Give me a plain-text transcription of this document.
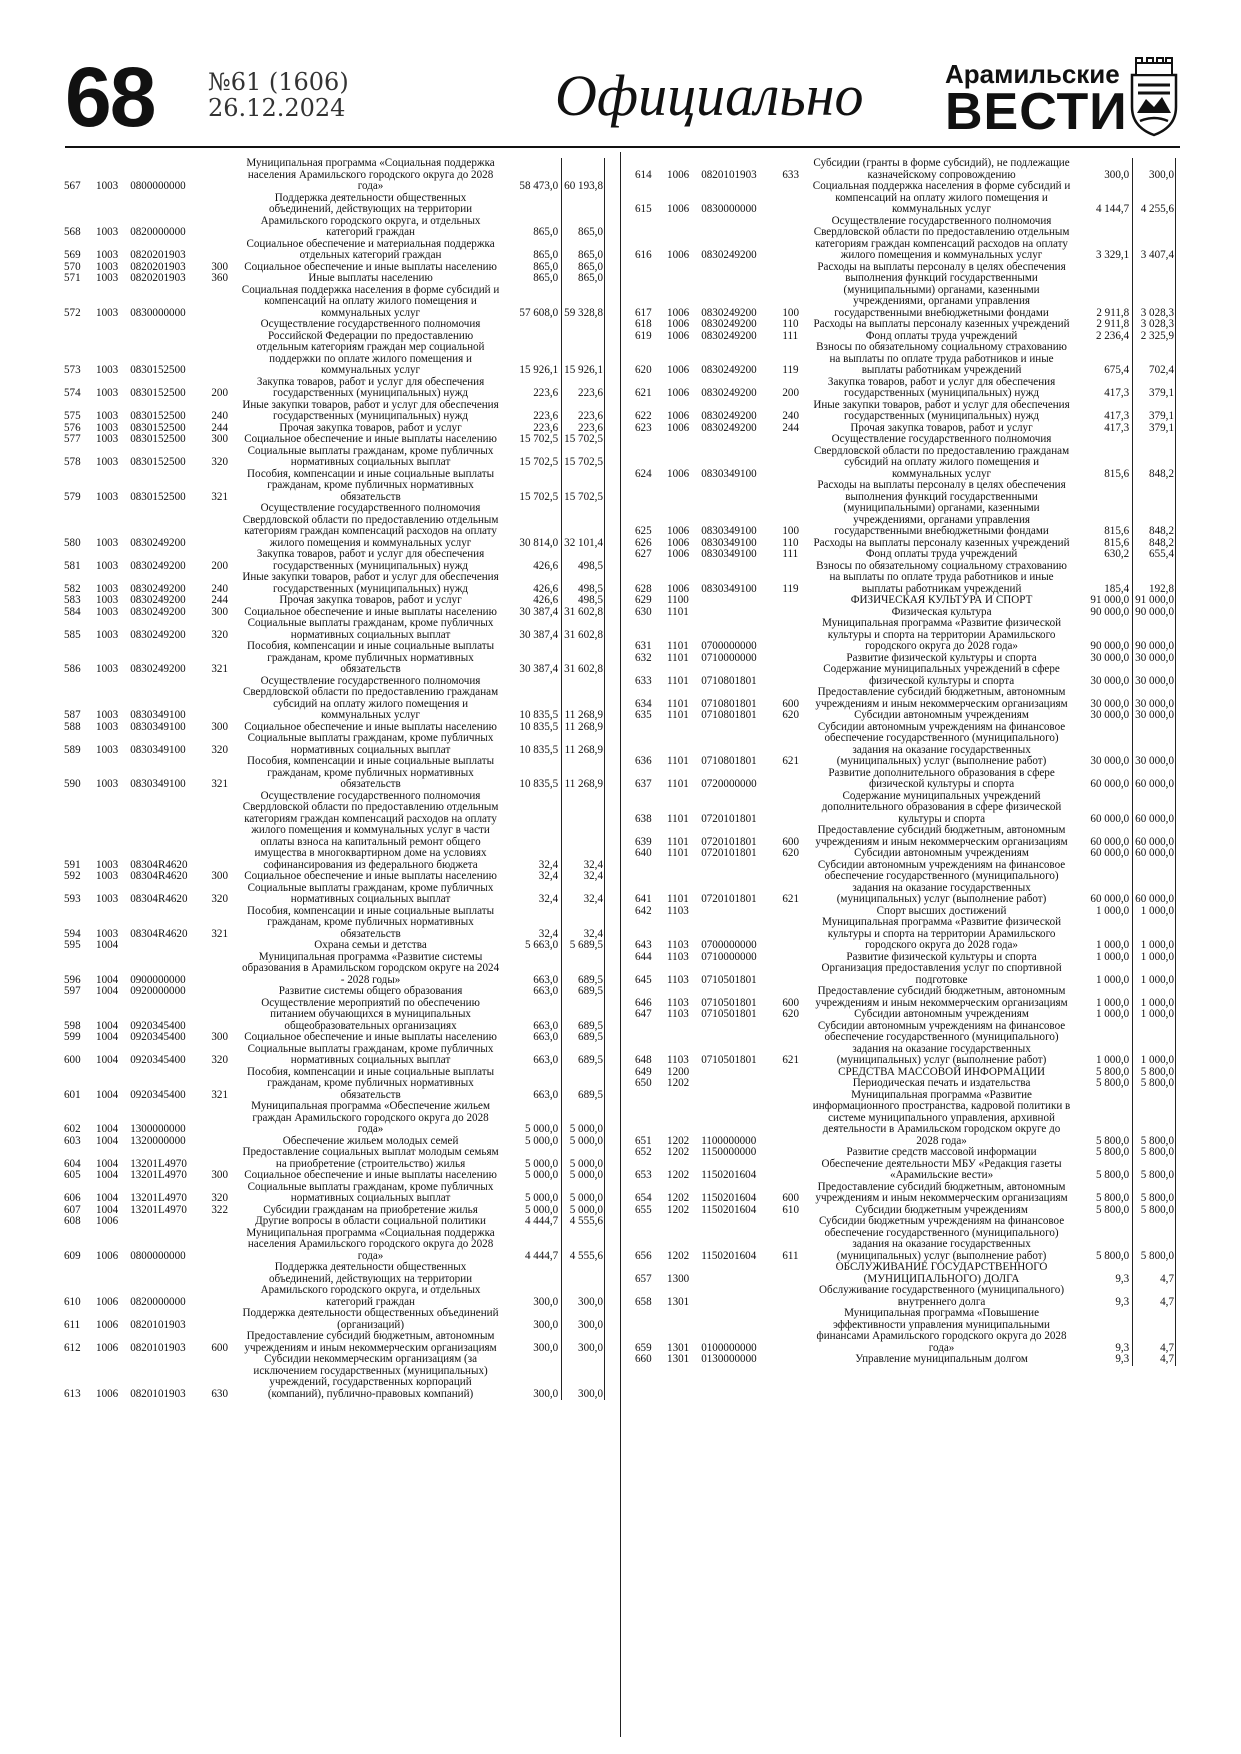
68 №61 (1606)
26.12.2024	Официально	Арамильские
ВЕСТИ
567	1003	0800000000		Муниципальная программа «Социальная поддержка населения Арамильского городского округа до 2028 года»	58 473,0	60 193,8
568	1003	0820000000		Поддержка деятельности общественных объединений, действующих на территории Арамильского городского округа, и отдельных категорий граждан	865,0	865,0
569	1003	0820201903		Социальное обеспечение и материальная поддержка отдельных категорий граждан	865,0	865,0
570	1003	0820201903	300	Социальное обеспечение и иные выплаты населению	865,0	865,0
571	1003	0820201903	360	Иные выплаты населению	865,0	865,0
572	1003	0830000000		Социальная поддержка населения в форме субсидий и компенсаций на оплату жилого помещения и коммунальных услуг	57 608,0	59 328,8
573	1003	0830152500		Осуществление государственного полномочия Российской Федерации по предоставлению отдельным категориям граждан мер социальной поддержки по оплате жилого помещения и коммунальных услуг	15 926,1	15 926,1
574	1003	0830152500	200	Закупка товаров, работ и услуг для обеспечения государственных (муниципальных) нужд	223,6	223,6
575	1003	0830152500	240	Иные закупки товаров, работ и услуг для обеспечения государственных (муниципальных) нужд	223,6	223,6
576	1003	0830152500	244	Прочая закупка товаров, работ и услуг	223,6	223,6
577	1003	0830152500	300	Социальное обеспечение и иные выплаты населению	15 702,5	15 702,5
578	1003	0830152500	320	Социальные выплаты гражданам, кроме публичных нормативных социальных выплат	15 702,5	15 702,5
579	1003	0830152500	321	Пособия, компенсации и иные социальные выплаты гражданам, кроме публичных нормативных обязательств	15 702,5	15 702,5
580	1003	0830249200		Осуществление государственного полномочия Свердловской области по предоставлению отдельным категориям граждан компенсаций расходов на оплату жилого помещения и коммунальных услуг	30 814,0	32 101,4
581	1003	0830249200	200	Закупка товаров, работ и услуг для обеспечения государственных (муниципальных) нужд	426,6	498,5
582	1003	0830249200	240	Иные закупки товаров, работ и услуг для обеспечения государственных (муниципальных) нужд	426,6	498,5
583	1003	0830249200	244	Прочая закупка товаров, работ и услуг	426,6	498,5
584	1003	0830249200	300	Социальное обеспечение и иные выплаты населению	30 387,4	31 602,8
585	1003	0830249200	320	Социальные выплаты гражданам, кроме публичных нормативных социальных выплат	30 387,4	31 602,8
586	1003	0830249200	321	Пособия, компенсации и иные социальные выплаты гражданам, кроме публичных нормативных обязательств	30 387,4	31 602,8
587	1003	0830349100		Осуществление государственного полномочия Свердловской области по предоставлению гражданам субсидий на оплату жилого помещения и коммунальных услуг	10 835,5	11 268,9
588	1003	0830349100	300	Социальное обеспечение и иные выплаты населению	10 835,5	11 268,9
589	1003	0830349100	320	Социальные выплаты гражданам, кроме публичных нормативных социальных выплат	10 835,5	11 268,9
590	1003	0830349100	321	Пособия, компенсации и иные социальные выплаты гражданам, кроме публичных нормативных обязательств	10 835,5	11 268,9
591	1003	08304R4620		Осуществление государственного полномочия Свердловской области по предоставлению отдельным категориям граждан компенсаций расходов на оплату жилого помещения и коммунальных услуг в части оплаты взноса на капитальный ремонт общего имущества в многоквартирном доме на условиях софинансирования из федерального бюджета	32,4	32,4
592	1003	08304R4620	300	Социальное обеспечение и иные выплаты населению	32,4	32,4
593	1003	08304R4620	320	Социальные выплаты гражданам, кроме публичных нормативных социальных выплат	32,4	32,4
594	1003	08304R4620	321	Пособия, компенсации и иные социальные выплаты гражданам, кроме публичных нормативных обязательств	32,4	32,4
595	1004			Охрана семьи и детства	5 663,0	5 689,5
596	1004	0900000000		Муниципальная программа «Развитие системы образования в Арамильском городском округе на 2024 - 2028 годы»	663,0	689,5
597	1004	0920000000		Развитие системы общего образования	663,0	689,5
598	1004	0920345400		Осуществление мероприятий по обеспечению питанием обучающихся в муниципальных общеобразовательных организациях	663,0	689,5
599	1004	0920345400	300	Социальное обеспечение и иные выплаты населению	663,0	689,5
600	1004	0920345400	320	Социальные выплаты гражданам, кроме публичных нормативных социальных выплат	663,0	689,5
601	1004	0920345400	321	Пособия, компенсации и иные социальные выплаты гражданам, кроме публичных нормативных обязательств	663,0	689,5
602	1004	1300000000		Муниципальная программа «Обеспечение жильем граждан Арамильского городского округа до 2028 года»	5 000,0	5 000,0
603	1004	1320000000		Обеспечение жильем молодых семей	5 000,0	5 000,0
604	1004	13201L4970		Предоставление социальных выплат молодым семьям на приобретение (строительство) жилья	5 000,0	5 000,0
605	1004	13201L4970	300	Социальное обеспечение и иные выплаты населению	5 000,0	5 000,0
606	1004	13201L4970	320	Социальные выплаты гражданам, кроме публичных нормативных социальных выплат	5 000,0	5 000,0
607	1004	13201L4970	322	Субсидии гражданам на приобретение жилья	5 000,0	5 000,0
608	1006			Другие вопросы в области социальной политики	4 444,7	4 555,6
609	1006	0800000000		Муниципальная программа «Социальная поддержка населения Арамильского городского округа до 2028 года»	4 444,7	4 555,6
610	1006	0820000000		Поддержка деятельности общественных объединений, действующих на территории Арамильского городского округа, и отдельных категорий граждан	300,0	300,0
611	1006	0820101903		Поддержка деятельности общественных объединений (организаций)	300,0	300,0
612	1006	0820101903	600	Предоставление субсидий бюджетным, автономным учреждениям и иным некоммерческим организациям	300,0	300,0
613	1006	0820101903	630	Субсидии некоммерческим организациям (за исключением государственных (муниципальных) учреждений, государственных корпораций (компаний), публично-правовых компаний)	300,0	300,0
614	1006	0820101903	633	Субсидии (гранты в форме субсидий), не подлежащие казначейскому сопровождению	300,0	300,0
615	1006	0830000000		Социальная поддержка населения в форме субсидий и компенсаций на оплату жилого помещения и коммунальных услуг	4 144,7	4 255,6
616	1006	0830249200		Осуществление государственного полномочия Свердловской области по предоставлению отдельным категориям граждан компенсаций расходов на оплату жилого помещения и коммунальных услуг	3 329,1	3 407,4
617	1006	0830249200	100	Расходы на выплаты персоналу в целях обеспечения выполнения функций государственными (муниципальными) органами, казенными учреждениями, органами управления государственными внебюджетными фондами	2 911,8	3 028,3
618	1006	0830249200	110	Расходы на выплаты персоналу казенных учреждений	2 911,8	3 028,3
619	1006	0830249200	111	Фонд оплаты труда учреждений	2 236,4	2 325,9
620	1006	0830249200	119	Взносы по обязательному социальному страхованию на выплаты по оплате труда работников и иные выплаты работникам учреждений	675,4	702,4
621	1006	0830249200	200	Закупка товаров, работ и услуг для обеспечения государственных (муниципальных) нужд	417,3	379,1
622	1006	0830249200	240	Иные закупки товаров, работ и услуг для обеспечения государственных (муниципальных) нужд	417,3	379,1
623	1006	0830249200	244	Прочая закупка товаров, работ и услуг	417,3	379,1
624	1006	0830349100		Осуществление государственного полномочия Свердловской области по предоставлению гражданам субсидий на оплату жилого помещения и коммунальных услуг	815,6	848,2
625	1006	0830349100	100	Расходы на выплаты персоналу в целях обеспечения выполнения функций государственными (муниципальными) органами, казенными учреждениями, органами управления государственными внебюджетными фондами	815,6	848,2
626	1006	0830349100	110	Расходы на выплаты персоналу казенных учреждений	815,6	848,2
627	1006	0830349100	111	Фонд оплаты труда учреждений	630,2	655,4
628	1006	0830349100	119	Взносы по обязательному социальному страхованию на выплаты по оплате труда работников и иные выплаты работникам учреждений	185,4	192,8
629	1100			ФИЗИЧЕСКАЯ КУЛЬТУРА И СПОРТ	91 000,0	91 000,0
630	1101			Физическая культура	90 000,0	90 000,0
631	1101	0700000000		Муниципальная программа «Развитие физической культуры и спорта на территории Арамильского городского округа до 2028 года»	90 000,0	90 000,0
632	1101	0710000000		Развитие физической культуры и спорта	30 000,0	30 000,0
633	1101	0710801801		Содержание муниципальных учреждений в сфере физической культуры и спорта	30 000,0	30 000,0
634	1101	0710801801	600	Предоставление субсидий бюджетным, автономным учреждениям и иным некоммерческим организациям	30 000,0	30 000,0
635	1101	0710801801	620	Субсидии автономным учреждениям	30 000,0	30 000,0
636	1101	0710801801	621	Субсидии автономным учреждениям на финансовое обеспечение государственного (муниципального) задания на оказание государственных (муниципальных) услуг (выполнение работ)	30 000,0	30 000,0
637	1101	0720000000		Развитие дополнительного образования в сфере физической культуры и спорта	60 000,0	60 000,0
638	1101	0720101801		Содержание муниципальных учреждений дополнительного образования в сфере физической культуры и спорта	60 000,0	60 000,0
639	1101	0720101801	600	Предоставление субсидий бюджетным, автономным учреждениям и иным некоммерческим организациям	60 000,0	60 000,0
640	1101	0720101801	620	Субсидии автономным учреждениям	60 000,0	60 000,0
641	1101	0720101801	621	Субсидии автономным учреждениям на финансовое обеспечение государственного (муниципального) задания на оказание государственных (муниципальных) услуг (выполнение работ)	60 000,0	60 000,0
642	1103			Спорт высших достижений	1 000,0	1 000,0
643	1103	0700000000		Муниципальная программа «Развитие физической культуры и спорта на территории Арамильского городского округа до 2028 года»	1 000,0	1 000,0
644	1103	0710000000		Развитие физической культуры и спорта	1 000,0	1 000,0
645	1103	0710501801		Организация предоставления услуг по спортивной подготовке	1 000,0	1 000,0
646	1103	0710501801	600	Предоставление субсидий бюджетным, автономным учреждениям и иным некоммерческим организациям	1 000,0	1 000,0
647	1103	0710501801	620	Субсидии автономным учреждениям	1 000,0	1 000,0
648	1103	0710501801	621	Субсидии автономным учреждениям на финансовое обеспечение государственного (муниципального) задания на оказание государственных (муниципальных) услуг (выполнение работ)	1 000,0	1 000,0
649	1200			СРЕДСТВА МАССОВОЙ ИНФОРМАЦИИ	5 800,0	5 800,0
650	1202			Периодическая печать и издательства	5 800,0	5 800,0
651	1202	1100000000		Муниципальная программа «Развитие информационного пространства, кадровой политики в системе муниципального управления, архивной деятельности в Арамильском городском округе до 2028 года»	5 800,0	5 800,0
652	1202	1150000000		Развитие средств массовой информации	5 800,0	5 800,0
653	1202	1150201604		Обеспечение деятельности МБУ «Редакция газеты «Арамильские вести»	5 800,0	5 800,0
654	1202	1150201604	600	Предоставление субсидий бюджетным, автономным учреждениям и иным некоммерческим организациям	5 800,0	5 800,0
655	1202	1150201604	610	Субсидии бюджетным учреждениям	5 800,0	5 800,0
656	1202	1150201604	611	Субсидии бюджетным учреждениям на финансовое обеспечение государственного (муниципального) задания на оказание государственных (муниципальных) услуг (выполнение работ)	5 800,0	5 800,0
657	1300			ОБСЛУЖИВАНИЕ ГОСУДАРСТВЕННОГО (МУНИЦИПАЛЬНОГО) ДОЛГА	9,3	4,7
658	1301			Обслуживание государственного (муниципального) внутреннего долга	9,3	4,7
659	1301	0100000000		Муниципальная программа «Повышение эффективности управления муниципальными финансами Арамильского городского округа до 2028 года»	9,3	4,7
660	1301	0130000000		Управление муниципальным долгом	9,3	4,7
